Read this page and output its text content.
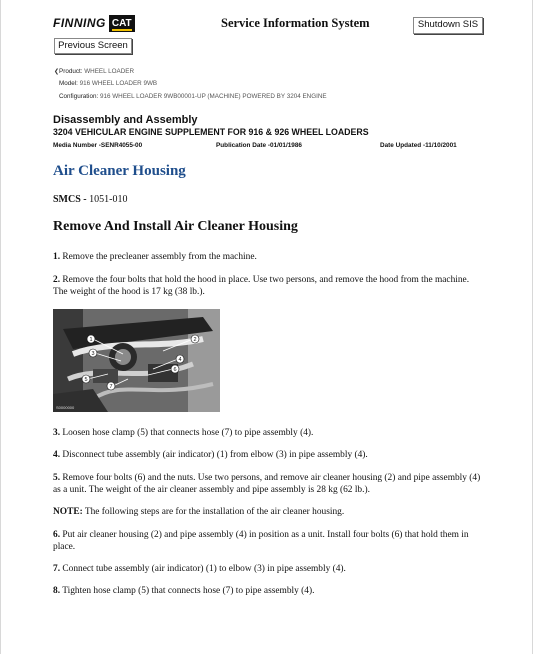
FINNING CAT	Service Information System	Shutdown SIS
Previous Screen
❮Product: WHEEL LOADER
Model: 916 WHEEL LOADER 9WB
Configuration: 916 WHEEL LOADER 9WB00001-UP (MACHINE) POWERED BY 3204 ENGINE
Disassembly and Assembly
3204 VEHICULAR ENGINE SUPPLEMENT FOR 916 & 926 WHEEL LOADERS
Media Number -SENR4055-00	Publication Date -01/01/1986	Date Updated -11/10/2001
Air Cleaner Housing
SMCS - 1051-010
Remove And Install Air Cleaner Housing
1. Remove the precleaner assembly from the machine.
2. Remove the four bolts that hold the hood in place. Use two persons, and remove the hood from the machine. The weight of the hood is 17 kg (38 lb.).
1	2
3
4
5
6
7
S0000000
3. Loosen hose clamp (5) that connects hose (7) to pipe assembly (4).
4. Disconnect tube assembly (air indicator) (1) from elbow (3) in pipe assembly (4).
5. Remove four bolts (6) and the nuts. Use two persons, and remove air cleaner housing (2) and pipe assembly (4) as a unit. The weight of the air cleaner assembly and pipe assembly is 28 kg (62 lb.).
NOTE: The following steps are for the installation of the air cleaner housing.
6. Put air cleaner housing (2) and pipe assembly (4) in position as a unit. Install four bolts (6) that hold them in place.
7. Connect tube assembly (air indicator) (1) to elbow (3) in pipe assembly (4).
8. Tighten hose clamp (5) that connects hose (7) to pipe assembly (4).
